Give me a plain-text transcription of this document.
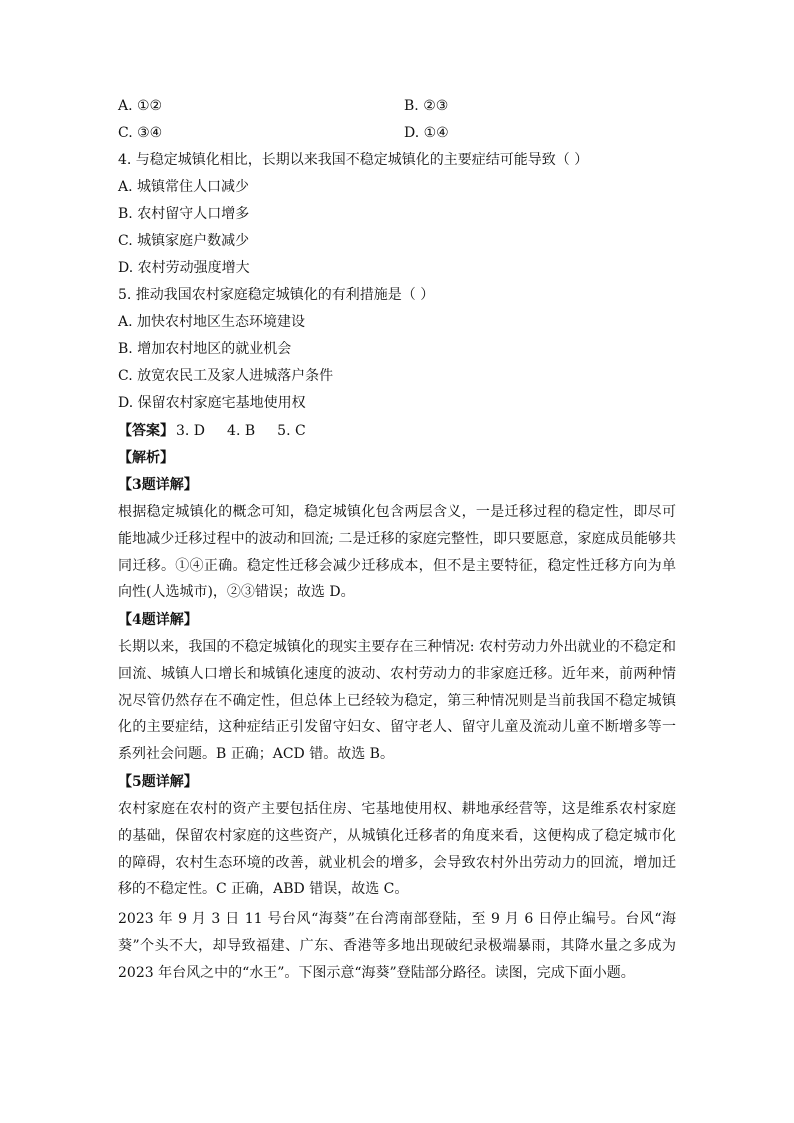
A. ①②	B. ②③
C. ③④	D. ①④
4. 与稳定城镇化相比，长期以来我国不稳定城镇化的主要症结可能导致（ ）
A. 城镇常住人口减少
B. 农村留守人口增多
C. 城镇家庭户数减少
D. 农村劳动强度增大
5. 推动我国农村家庭稳定城镇化的有利措施是（ ）
A. 加快农村地区生态环境建设
B. 增加农村地区的就业机会
C. 放宽农民工及家人进城落户条件
D. 保留农村家庭宅基地使用权
【答案】 3. D 4. B 5. C
【解析】
【3题详解】
根据稳定城镇化的概念可知，稳定城镇化包含两层含义，一是迁移过程的稳定性，即尽可能地减少迁移过程中的波动和回流; 二是迁移的家庭完整性，即只要愿意，家庭成员能够共同迁移。①④正确。稳定性迁移会减少迁移成本，但不是主要特征，稳定性迁移方向为单向性(人选城市)，②③错误；故选 D。
【4题详解】
长期以来，我国的不稳定城镇化的现实主要存在三种情况: 农村劳动力外出就业的不稳定和回流、城镇人口增长和城镇化速度的波动、农村劳动力的非家庭迁移。近年来，前两种情况尽管仍然存在不确定性，但总体上已经较为稳定，第三种情况则是当前我国不稳定城镇化的主要症结，这种症结正引发留守妇女、留守老人、留守儿童及流动儿童不断增多等一系列社会问题。B 正确；ACD 错。故选 B。
【5题详解】
农村家庭在农村的资产主要包括住房、宅基地使用权、耕地承经营等，这是维系农村家庭的基础，保留农村家庭的这些资产，从城镇化迁移者的角度来看，这便构成了稳定城市化的障碍，农村生态环境的改善，就业机会的增多，会导致农村外出劳动力的回流，增加迁移的不稳定性。C 正确，ABD 错误，故选 C。
2023 年 9 月 3 日 11 号台风“海葵”在台湾南部登陆，至 9 月 6 日停止编号。台风“海葵”个头不大，却导致福建、广东、香港等多地出现破纪录极端暴雨，其降水量之多成为 2023 年台风之中的“水王”。下图示意“海葵”登陆部分路径。读图，完成下面小题。
